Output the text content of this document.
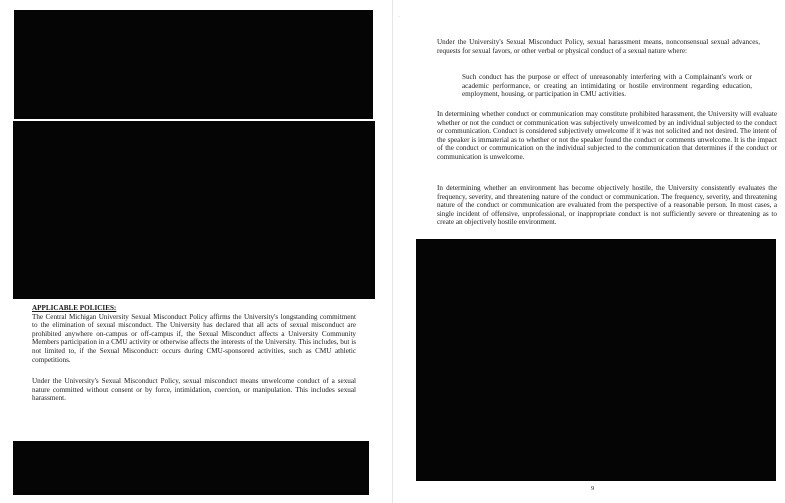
APPLICABLE POLICIES:
The Central Michigan University Sexual Misconduct Policy affirms the University's longstanding commitment to the elimination of sexual misconduct. The University has declared that all acts of sexual misconduct are prohibited anywhere on-campus or off-campus if, the Sexual Misconduct affects a University Community Members participation in a CMU activity or otherwise affects the interests of the University. This includes, but is not limited to, if the Sexual Misconduct: occurs during CMU-sponsored activities, such as CMU athletic competitions.

Under the University's Sexual Misconduct Policy, sexual misconduct means unwelcome conduct of a sexual nature committed without consent or by force, intimidation, coercion, or manipulation. This includes sexual harassment.

·

Under the University's Sexual Misconduct Policy, sexual harassment means, nonconsensual sexual advances, requests for sexual favors, or other verbal or physical conduct of a sexual nature where:

Such conduct has the purpose or effect of unreasonably interfering with a Complainant's work or academic performance, or creating an intimidating or hostile environment regarding education, employment, housing, or participation in CMU activities.

In determining whether conduct or communication may constitute prohibited harassment, the University will evaluate whether or not the conduct or communication was subjectively unwelcomed by an individual subjected to the conduct or communication. Conduct is considered subjectively unwelcome if it was not solicited and not desired. The intent of the speaker is immaterial as to whether or not the speaker found the conduct or comments unwelcome. It is the impact of the conduct or communication on the individual subjected to the communication that determines if the conduct or communication is unwelcome.

In determining whether an environment has become objectively hostile, the University consistently evaluates the frequency, severity, and threatening nature of the conduct or communication. The frequency, severity, and threatening nature of the conduct or communication are evaluated from the perspective of a reasonable person. In most cases, a single incident of offensive, unprofessional, or inappropriate conduct is not sufficiently severe or threatening as to create an objectively hostile environment.

9
